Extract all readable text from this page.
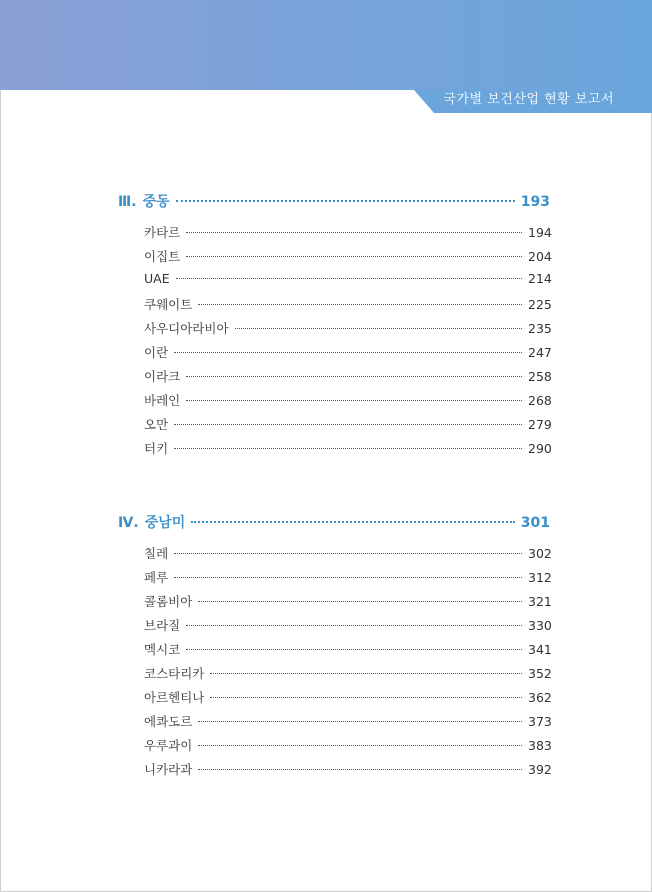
국가별 보건산업 현황 보고서
Ⅲ. 중동	193
카타르	194
이집트	204
UAE	214
쿠웨이트	225
사우디아라비아	235
이란	247
이라크	258
바레인	268
오만	279
터키	290
Ⅳ. 중남미	301
칠레	302
페루	312
콜롬비아	321
브라질	330
멕시코	341
코스타리카	352
아르헨티나	362
에콰도르	373
우루과이	383
니카라과	392
